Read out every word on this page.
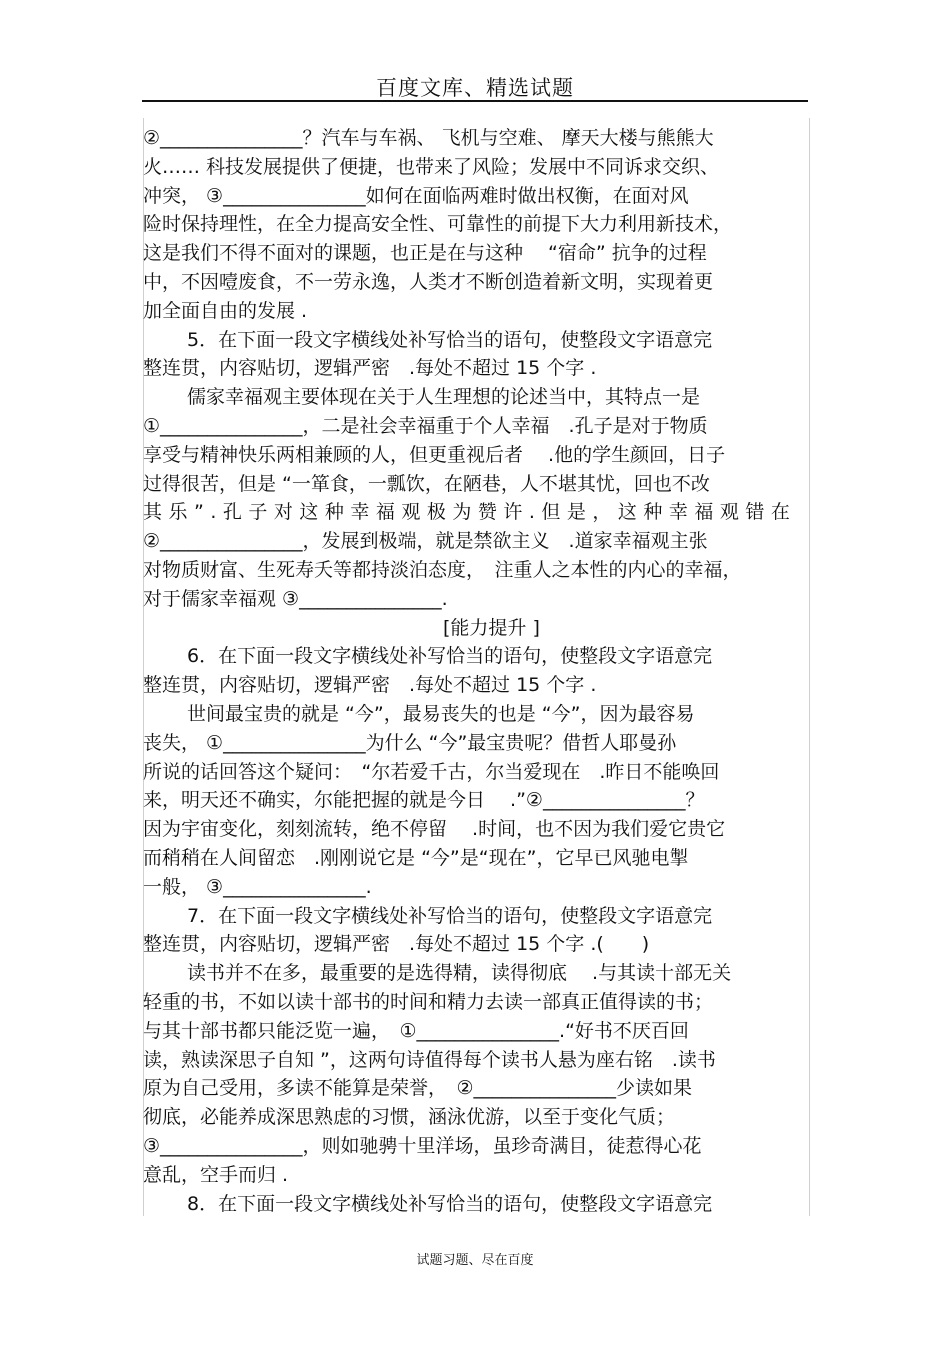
百度文库、精选试题
②_______________？汽车与车祸、 飞机与空难、 摩天大楼与熊熊大
火…… 科技发展提供了便捷，也带来了风险；发展中不同诉求交织、
冲突， ③_______________如何在面临两难时做出权衡，在面对风
险时保持理性，在全力提高安全性、可靠性的前提下大力利用新技术，
这是我们不得不面对的课题，也正是在与这种　 “宿命” 抗争的过程
中，不因噎废食，不一劳永逸，人类才不断创造着新文明，实现着更
加全面自由的发展 .
5．在下面一段文字横线处补写恰当的语句，使整段文字语意完
整连贯，内容贴切，逻辑严密　.每处不超过 15 个字 .
儒家幸福观主要体现在关于人生理想的论述当中，其特点一是
①_______________，二是社会幸福重于个人幸福　.孔子是对于物质
享受与精神快乐两相兼顾的人，但更重视后者　 .他的学生颜回，日子
过得很苦，但是 “一箪食，一瓢饮，在陋巷，人不堪其忧，回也不改
其乐”.孔子对这种幸福观极为赞许.但是，这种幸福观错在
②_______________，发展到极端，就是禁欲主义　.道家幸福观主张
对物质财富、生死寿夭等都持淡泊态度，　注重人之本性的内心的幸福，
对于儒家幸福观 ③_______________.
[能力提升 ]
6．在下面一段文字横线处补写恰当的语句，使整段文字语意完
整连贯，内容贴切，逻辑严密　.每处不超过 15 个字 .
世间最宝贵的就是 “今”，最易丧失的也是 “今”，因为最容易
丧失， ①_______________为什么 “今”最宝贵呢？借哲人耶曼孙
所说的话回答这个疑问：　“尔若爱千古，尔当爱现在　.昨日不能唤回
来，明天还不确实，尔能把握的就是今日　 .”②_______________？
因为宇宙变化，刻刻流转，绝不停留　 .时间，也不因为我们爱它贵它
而稍稍在人间留恋　.刚刚说它是 “今”是“现在”，它早已风驰电掣
一般， ③_______________.
7．在下面一段文字横线处补写恰当的语句，使整段文字语意完
整连贯，内容贴切，逻辑严密　.每处不超过 15 个字 .(　　)
读书并不在多，最重要的是选得精，读得彻底　 .与其读十部无关
轻重的书，不如以读十部书的时间和精力去读一部真正值得读的书；
与其十部书都只能泛览一遍，　①_______________.“好书不厌百回
读，熟读深思子自知 ”，这两句诗值得每个读书人悬为座右铭　.读书
原为自己受用，多读不能算是荣誉，　②_______________少读如果
彻底，必能养成深思熟虑的习惯，涵泳优游，以至于变化气质；
③_______________，则如驰骋十里洋场，虽珍奇满目，徒惹得心花
意乱，空手而归 .
8．在下面一段文字横线处补写恰当的语句，使整段文字语意完
试题习题、尽在百度
